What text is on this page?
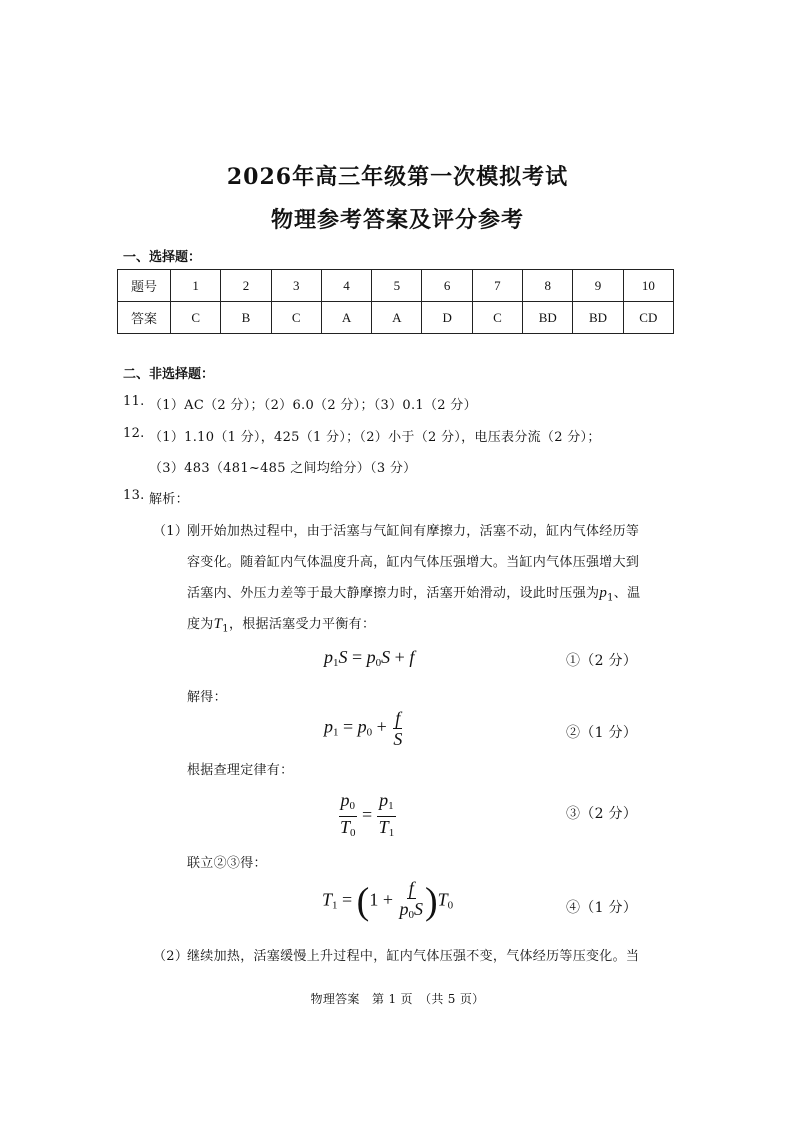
2026年高三年级第一次模拟考试
物理参考答案及评分参考
一、选择题：
题号	1	2	3	4	5	6	7	8	9	10
答案	C	B	C	A	A	D	C	BD	BD	CD
二、非选择题：
11. （1）AC（2 分）；（2）6.0（2 分）；（3）0.1（2 分）
12. （1）1.10（1 分），425（1 分）；（2）小于（2 分），电压表分流（2 分）；
（3）483（481~485 之间均给分）（3 分）
13. 解析：
（1）
刚开始加热过程中，由于活塞与气缸间有摩擦力，活塞不动，缸内气体经历等
容变化。随着缸内气体温度升高，缸内气体压强增大。当缸内气体压强增大到
活塞内、外压力差等于最大静摩擦力时，活塞开始滑动，设此时压强为$p_1$、温
度为$T_1$，根据活塞受力平衡有：
$p_1S = p_0S + f$	①（2 分）
解得：
$p_1 = p_0 + \frac{f}{S}$	②（1 分）
根据查理定律有：
$\frac{p_0}{T_0} = \frac{p_1}{T_1}$	③（2 分）
联立②③得：
$T_1 = (1 + \frac{f}{p_0S} )T_0$	④（1 分）
（2）
继续加热，活塞缓慢上升过程中，缸内气体压强不变，气体经历等压变化。当
物理答案　第 1 页　（共 5 页）
